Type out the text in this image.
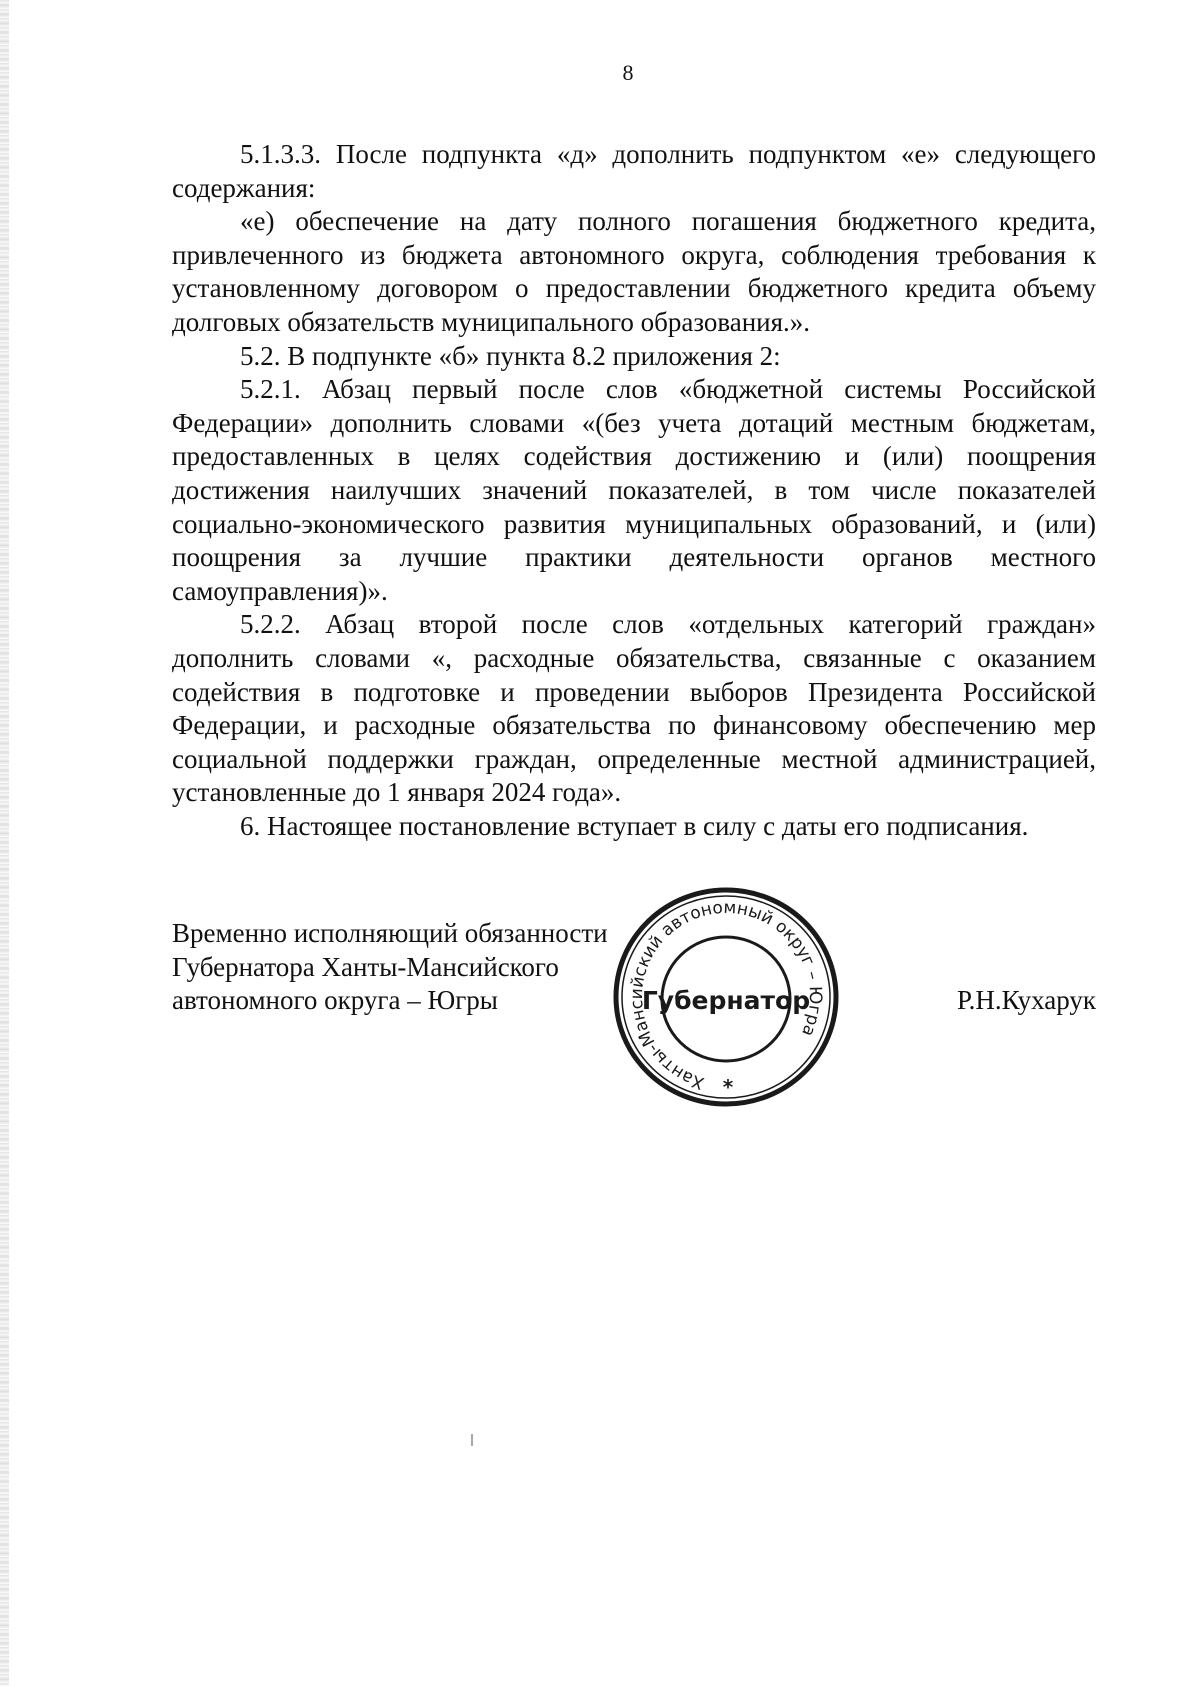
8

5.1.3.3. После подпункта «д» дополнить подпунктом «е» следующего содержания:

«е) обеспечение на дату полного погашения бюджетного кредита, привлеченного из бюджета автономного округа, соблюдения требования к установленному договором о предоставлении бюджетного кредита объему долговых обязательств муниципального образования.».

5.2. В подпункте «б» пункта 8.2 приложения 2:

5.2.1. Абзац первый после слов «бюджетной системы Российской Федерации» дополнить словами «(без учета дотаций местным бюджетам, предоставленных в целях содействия достижению и (или) поощрения достижения наилучших значений показателей, в том числе показателей социально-экономического развития муниципальных образований, и (или) поощрения за лучшие практики деятельности органов местного самоуправления)».

5.2.2. Абзац второй после слов «отдельных категорий граждан» дополнить словами «, расходные обязательства, связанные с оказанием содействия в подготовке и проведении выборов Президента Российской Федерации, и расходные обязательства по финансовому обеспечению мер социальной поддержки граждан, определенные местной администрацией, установленные до 1 января 2024 года».

6. Настоящее постановление вступает в силу с даты его подписания.

Временно исполняющий обязанности
Губернатора Ханты-Мансийского
автономного округа – Югры	Р.Н.Кухарук
Ханты-Мансийский автономный округ – Югра
Губернатор
*
